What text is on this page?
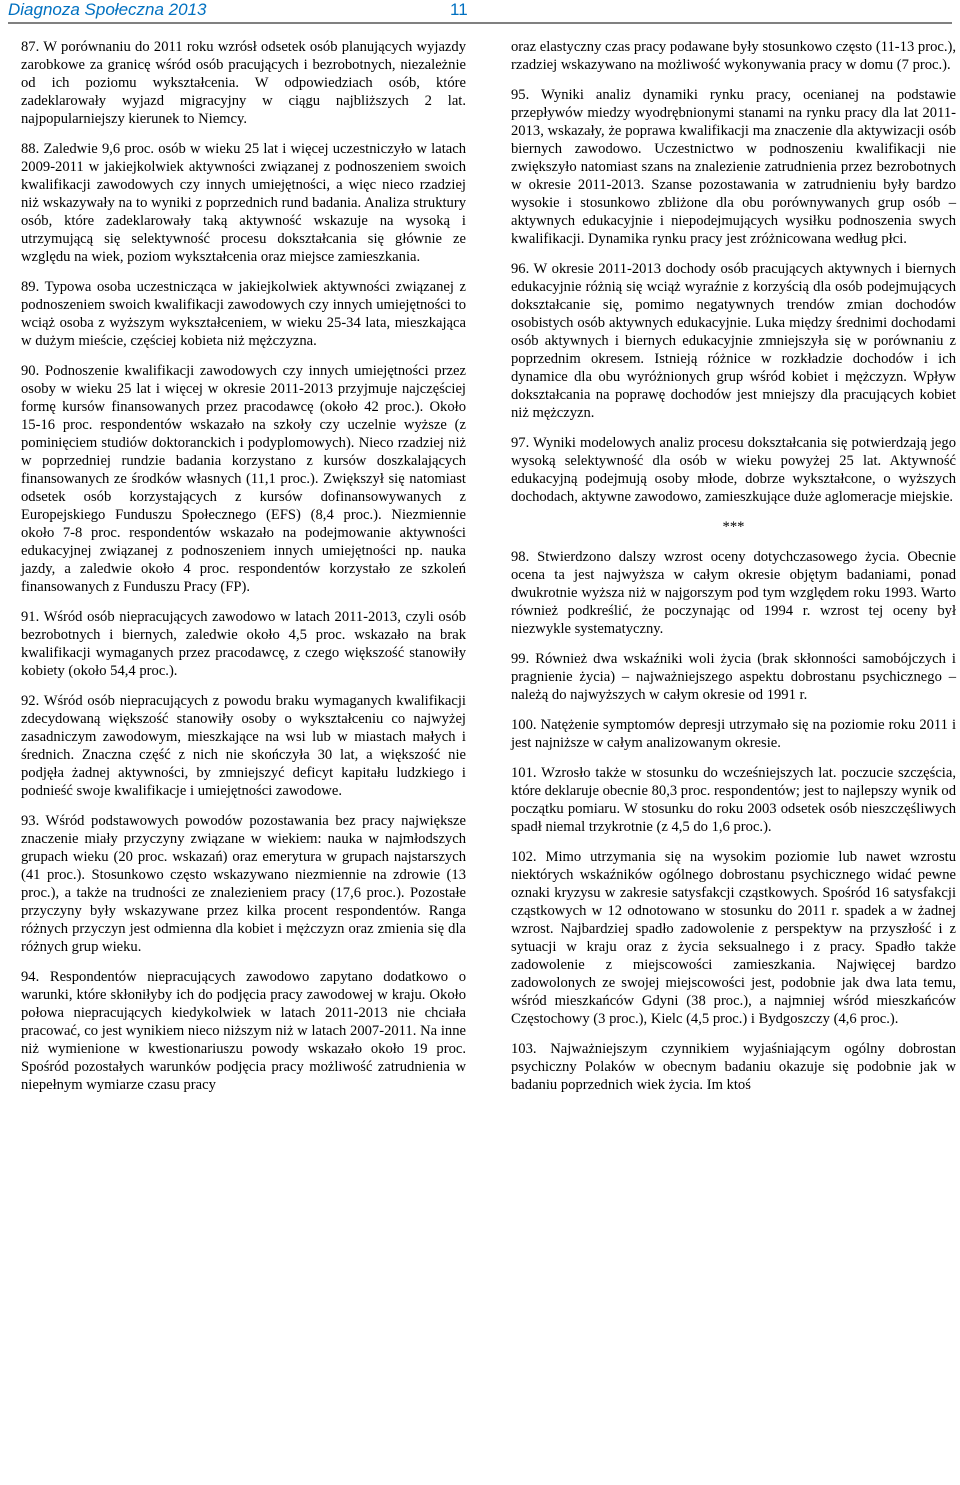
Diagnoza Społeczna 2013	11

87. W porównaniu do 2011 roku wzrósł odsetek osób planujących wyjazdy zarobkowe za granicę wśród osób pracujących i bezrobotnych, niezależnie od ich poziomu wykształcenia. W odpowiedziach osób, które zadeklarowały wyjazd migracyjny w ciągu najbliższych 2 lat. najpopularniejszy kierunek to Niemcy.

88. Zaledwie 9,6 proc. osób w wieku 25 lat i więcej uczestniczyło w latach 2009-2011 w jakiejkolwiek aktywności związanej z podnoszeniem swoich kwalifikacji zawodowych czy innych umiejętności, a więc nieco rzadziej niż wskazywały na to wyniki z poprzednich rund badania. Analiza struktury osób, które zadeklarowały taką aktywność wskazuje na wysoką i utrzymującą się selektywność procesu dokształcania się głównie ze względu na wiek, poziom wykształcenia oraz miejsce zamieszkania.

89. Typowa osoba uczestnicząca w jakiejkolwiek aktywności związanej z podnoszeniem swoich kwalifikacji zawodowych czy innych umiejętności to wciąż osoba z wyższym wykształceniem, w wieku 25-34 lata, mieszkająca w dużym mieście, częściej kobieta niż mężczyzna.

90. Podnoszenie kwalifikacji zawodowych czy innych umiejętności przez osoby w wieku 25 lat i więcej w okresie 2011-2013 przyjmuje najczęściej formę kursów finansowanych przez pracodawcę (około 42 proc.). Około 15-16 proc. respondentów wskazało na szkoły czy uczelnie wyższe (z pominięciem studiów doktoranckich i podyplomowych). Nieco rzadziej niż w poprzedniej rundzie badania korzystano z kursów doszkalających finansowanych ze środków własnych (11,1 proc.). Zwiększył się natomiast odsetek osób korzystających z kursów dofinansowywanych z Europejskiego Funduszu Społecznego (EFS) (8,4 proc.). Niezmiennie około 7-8 proc. respondentów wskazało na podejmowanie aktywności edukacyjnej związanej z podnoszeniem innych umiejętności np. nauka jazdy, a zaledwie około 4 proc. respondentów korzystało ze szkoleń finansowanych z Funduszu Pracy (FP).

91. Wśród osób niepracujących zawodowo w latach 2011-2013, czyli osób bezrobotnych i biernych, zaledwie około 4,5 proc. wskazało na brak kwalifikacji wymaganych przez pracodawcę, z czego większość stanowiły kobiety (około 54,4 proc.).

92. Wśród osób niepracujących z powodu braku wymaganych kwalifikacji zdecydowaną większość stanowiły osoby o wykształceniu co najwyżej zasadniczym zawodowym, mieszkające na wsi lub w miastach małych i średnich. Znaczna część z nich nie skończyła 30 lat, a większość nie podjęła żadnej aktywności, by zmniejszyć deficyt kapitału ludzkiego i podnieść swoje kwalifikacje i umiejętności zawodowe.

93. Wśród podstawowych powodów pozostawania bez pracy największe znaczenie miały przyczyny związane w wiekiem: nauka w najmłodszych grupach wieku (20 proc. wskazań) oraz emerytura w grupach najstarszych (41 proc.). Stosunkowo często wskazywano niezmiennie na zdrowie (13 proc.), a także na trudności ze znalezieniem pracy (17,6 proc.). Pozostałe przyczyny były wskazywane przez kilka procent respondentów. Ranga różnych przyczyn jest odmienna dla kobiet i mężczyzn oraz zmienia się dla różnych grup wieku.

94. Respondentów niepracujących zawodowo zapytano dodatkowo o warunki, które skłoniłyby ich do podjęcia pracy zawodowej w kraju. Około połowa niepracujących kiedykolwiek w latach 2011-2013 nie chciała pracować, co jest wynikiem nieco niższym niż w latach 2007-2011. Na inne niż wymienione w kwestionariuszu powody wskazało około 19 proc. Spośród pozostałych warunków podjęcia pracy możliwość zatrudnienia w niepełnym wymiarze czasu pracy

oraz elastyczny czas pracy podawane były stosunkowo często (11-13 proc.), rzadziej wskazywano na możliwość wykonywania pracy w domu (7 proc.).

95. Wyniki analiz dynamiki rynku pracy, ocenianej na podstawie przepływów miedzy wyodrębnionymi stanami na rynku pracy dla lat 2011-2013, wskazały, że poprawa kwalifikacji ma znaczenie dla aktywizacji osób biernych zawodowo. Uczestnictwo w podnoszeniu kwalifikacji nie zwiększyło natomiast szans na znalezienie zatrudnienia przez bezrobotnych w okresie 2011-2013. Szanse pozostawania w zatrudnieniu były bardzo wysokie i stosunkowo zbliżone dla obu porównywanych grup osób – aktywnych edukacyjnie i niepodejmujących wysiłku podnoszenia swych kwalifikacji. Dynamika rynku pracy jest zróżnicowana według płci.

96. W okresie 2011-2013 dochody osób pracujących aktywnych i biernych edukacyjnie różnią się wciąż wyraźnie z korzyścią dla osób podejmujących dokształcanie się, pomimo negatywnych trendów zmian dochodów osobistych osób aktywnych edukacyjnie. Luka między średnimi dochodami osób aktywnych i biernych edukacyjnie zmniejszyła się w porównaniu z poprzednim okresem. Istnieją różnice w rozkładzie dochodów i ich dynamice dla obu wyróżnionych grup wśród kobiet i mężczyzn. Wpływ dokształcania na poprawę dochodów jest mniejszy dla pracujących kobiet niż mężczyzn.

97. Wyniki modelowych analiz procesu dokształcania się potwierdzają jego wysoką selektywność dla osób w wieku powyżej 25 lat. Aktywność edukacyjną podejmują osoby młode, dobrze wykształcone, o wyższych dochodach, aktywne zawodowo, zamieszkujące duże aglomeracje miejskie.

***

98. Stwierdzono dalszy wzrost oceny dotychczasowego życia. Obecnie ocena ta jest najwyższa w całym okresie objętym badaniami, ponad dwukrotnie wyższa niż w najgorszym pod tym względem roku 1993. Warto również podkreślić, że poczynając od 1994 r. wzrost tej oceny był niezwykle systematyczny.

99. Również dwa wskaźniki woli życia (brak skłonności samobójczych i pragnienie życia) – najważniejszego aspektu dobrostanu psychicznego – należą do najwyższych w całym okresie od 1991 r.

100. Natężenie symptomów depresji utrzymało się na poziomie roku 2011 i jest najniższe w całym analizowanym okresie.

101. Wzrosło także w stosunku do wcześniejszych lat. poczucie szczęścia, które deklaruje obecnie 80,3 proc. respondentów; jest to najlepszy wynik od początku pomiaru. W stosunku do roku 2003 odsetek osób nieszczęśliwych spadł niemal trzykrotnie (z 4,5 do 1,6 proc.).

102. Mimo utrzymania się na wysokim poziomie lub nawet wzrostu niektórych wskaźników ogólnego dobrostanu psychicznego widać pewne oznaki kryzysu w zakresie satysfakcji cząstkowych. Spośród 16 satysfakcji cząstkowych w 12 odnotowano w stosunku do 2011 r. spadek a w żadnej wzrost. Najbardziej spadło zadowolenie z perspektyw na przyszłość i z sytuacji w kraju oraz z życia seksualnego i z pracy. Spadło także zadowolenie z miejscowości zamieszkania. Najwięcej bardzo zadowolonych ze swojej miejscowości jest, podobnie jak dwa lata temu, wśród mieszkańców Gdyni (38 proc.), a najmniej wśród mieszkańców Częstochowy (3 proc.), Kielc (4,5 proc.) i Bydgoszczy (4,6 proc.).

103. Najważniejszym czynnikiem wyjaśniającym ogólny dobrostan psychiczny Polaków w obecnym badaniu okazuje się podobnie jak w badaniu poprzednich wiek życia. Im ktoś
